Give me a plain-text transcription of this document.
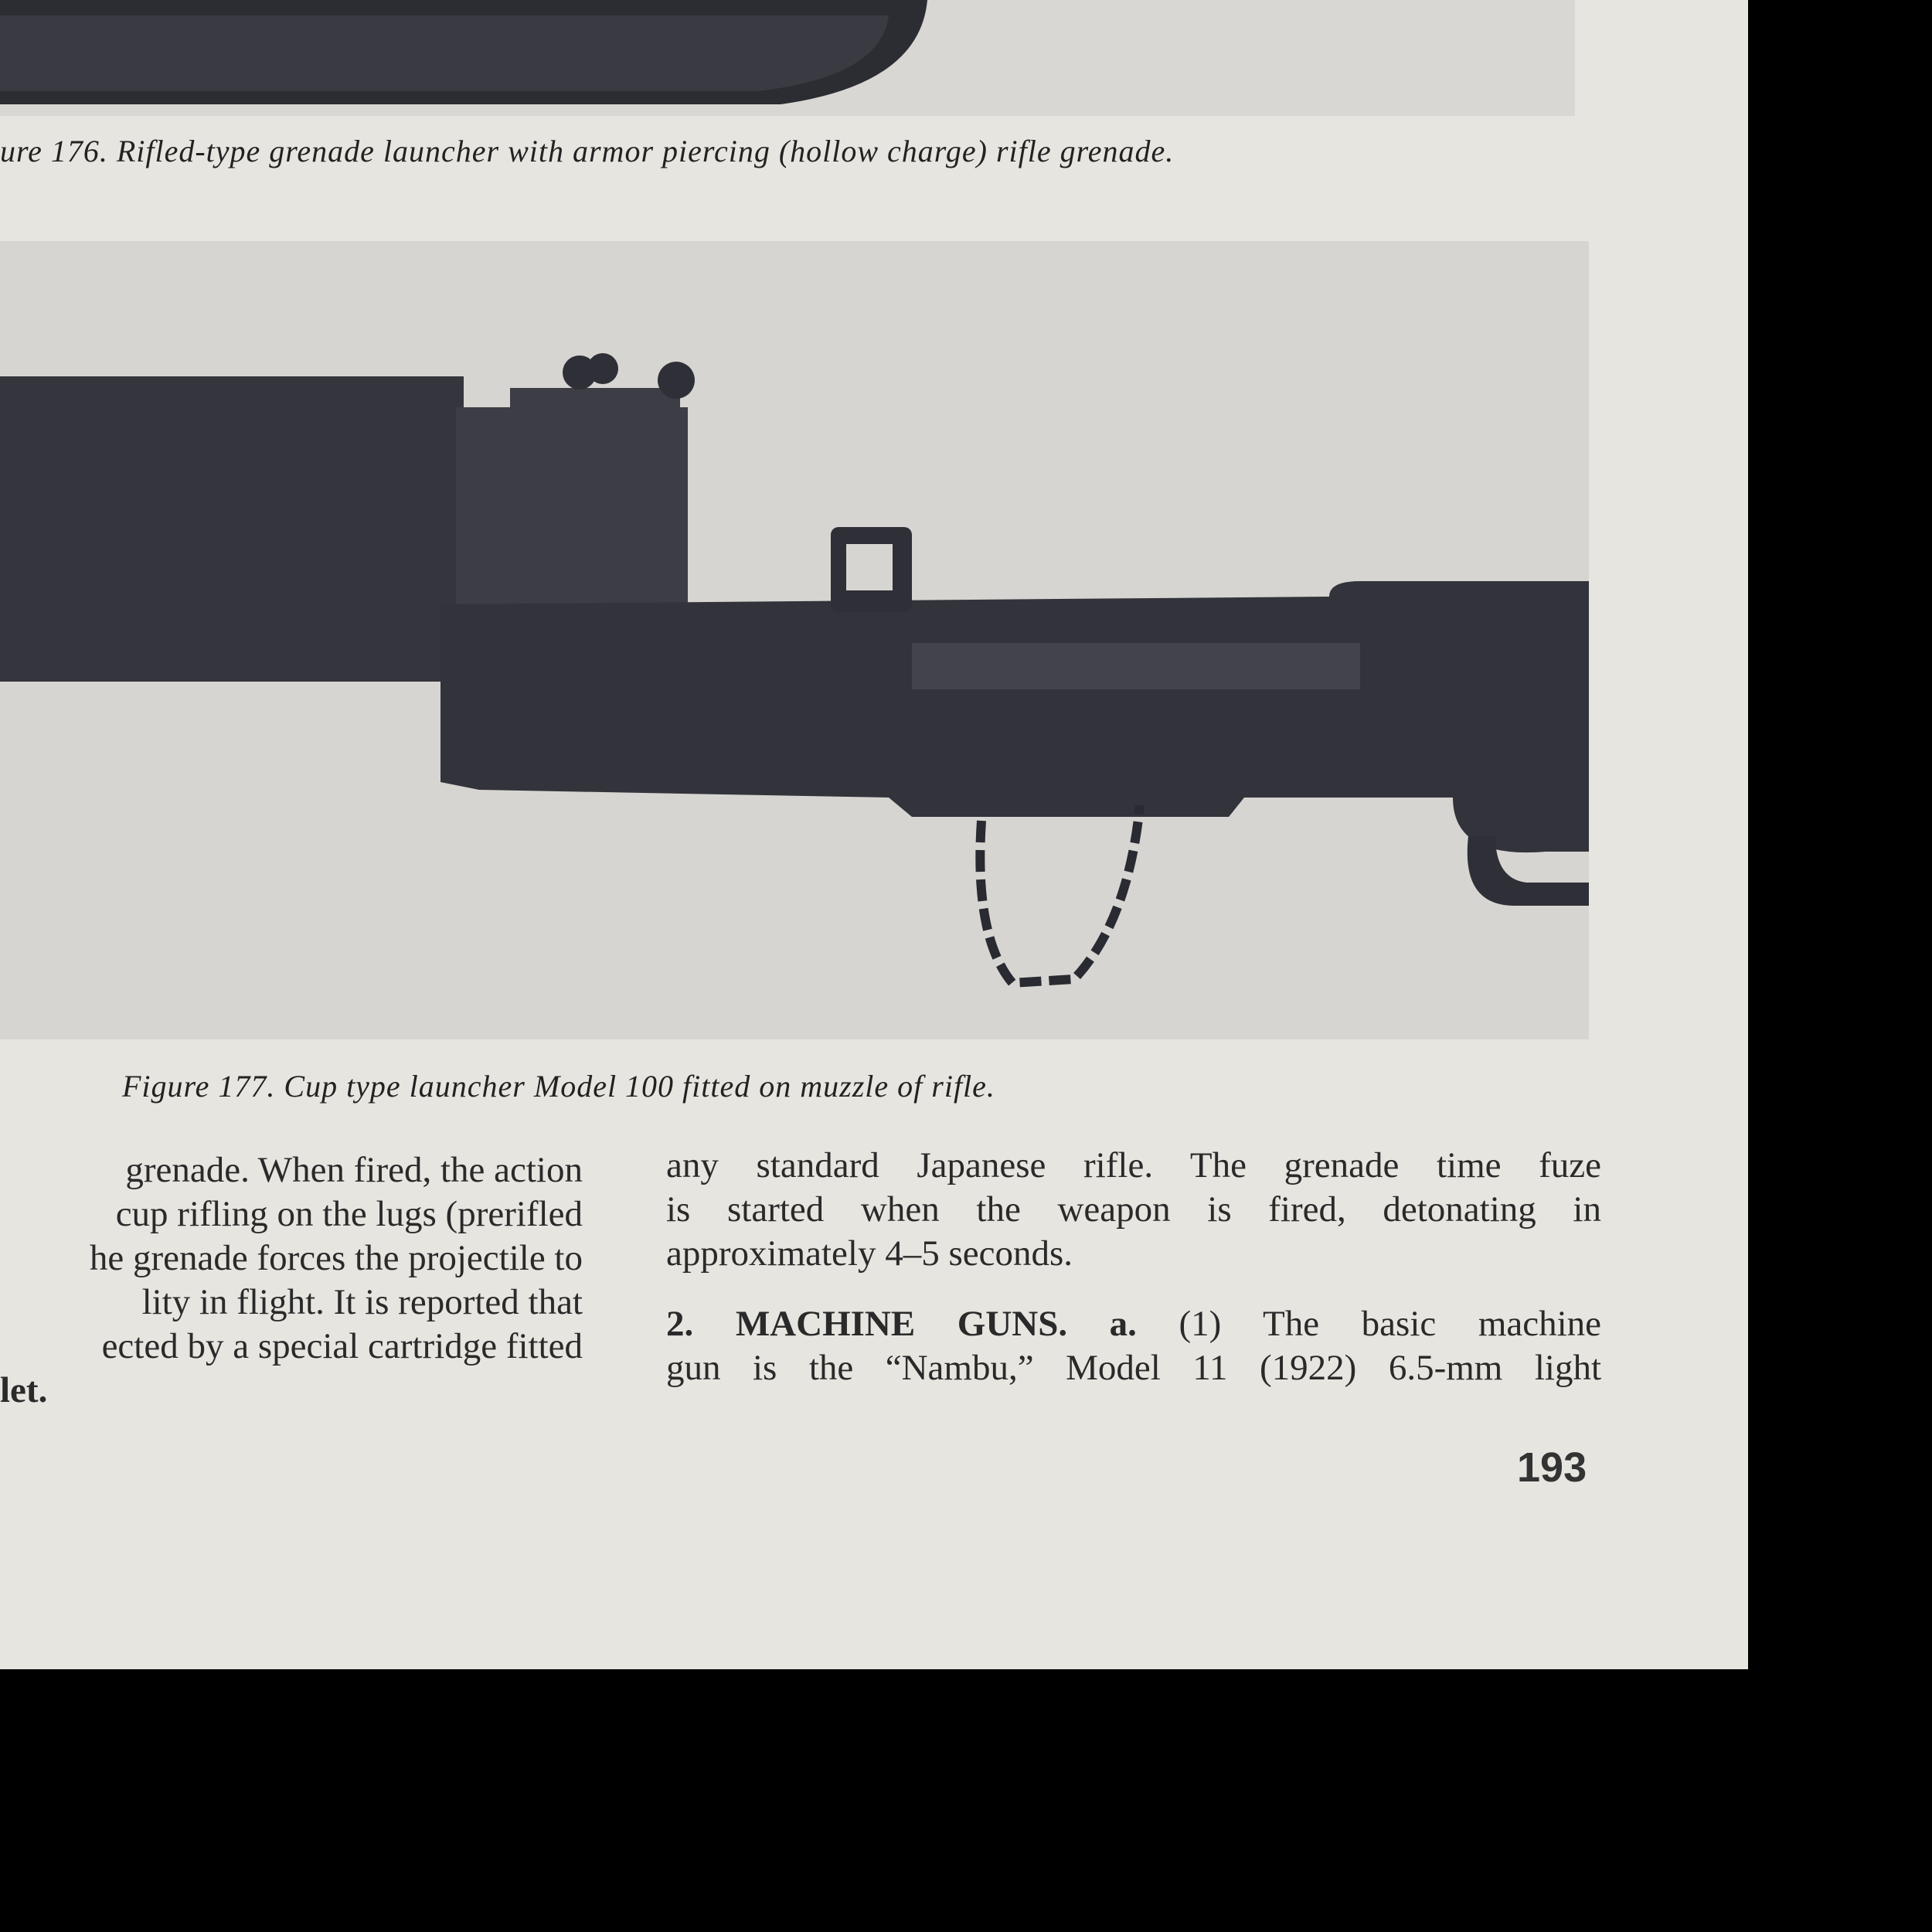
ure 176. Rifled-type grenade launcher with armor piercing (hollow charge) rifle grenade.
Figure 177. Cup type launcher Model 100 fitted on muzzle of rifle.
grenade. When fired, the action
cup rifling on the lugs (prerifled
he grenade forces the projectile to
lity in flight. It is reported that
ected by a special cartridge fitted
let.
any standard Japanese rifle. The grenade time fuze
is started when the weapon is fired, detonating in
approximately 4–5 seconds.
2. MACHINE GUNS. a. (1) The basic machine
gun is the “Nambu,” Model 11 (1922) 6.5-mm light
193
